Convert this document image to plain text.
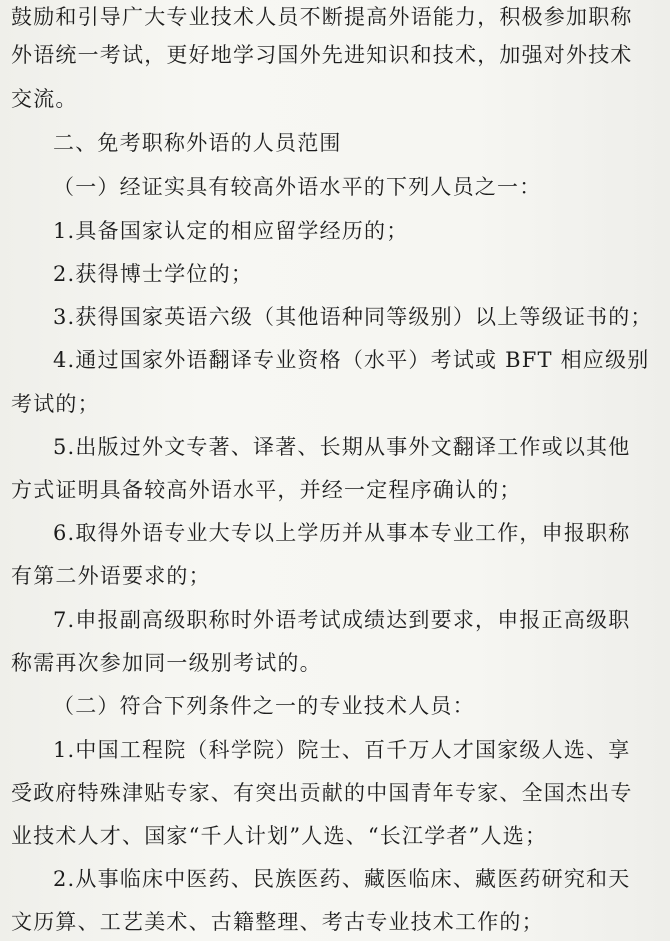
鼓励和引导广大专业技术人员不断提高外语能力，积极参加职称
外语统一考试，更好地学习国外先进知识和技术，加强对外技术
交流。
二、免考职称外语的人员范围
（一）经证实具有较高外语水平的下列人员之一：
1.具备国家认定的相应留学经历的；
2.获得博士学位的；
3.获得国家英语六级（其他语种同等级别）以上等级证书的；
4.通过国家外语翻译专业资格（水平）考试或 BFT 相应级别
考试的；
5.出版过外文专著、译著、长期从事外文翻译工作或以其他
方式证明具备较高外语水平，并经一定程序确认的；
6.取得外语专业大专以上学历并从事本专业工作，申报职称
有第二外语要求的；
7.申报副高级职称时外语考试成绩达到要求，申报正高级职
称需再次参加同一级别考试的。
（二）符合下列条件之一的专业技术人员：
1.中国工程院（科学院）院士、百千万人才国家级人选、享
受政府特殊津贴专家、有突出贡献的中国青年专家、全国杰出专
业技术人才、国家“千人计划”人选、“长江学者”人选；
2.从事临床中医药、民族医药、藏医临床、藏医药研究和天
文历算、工艺美术、古籍整理、考古专业技术工作的；
